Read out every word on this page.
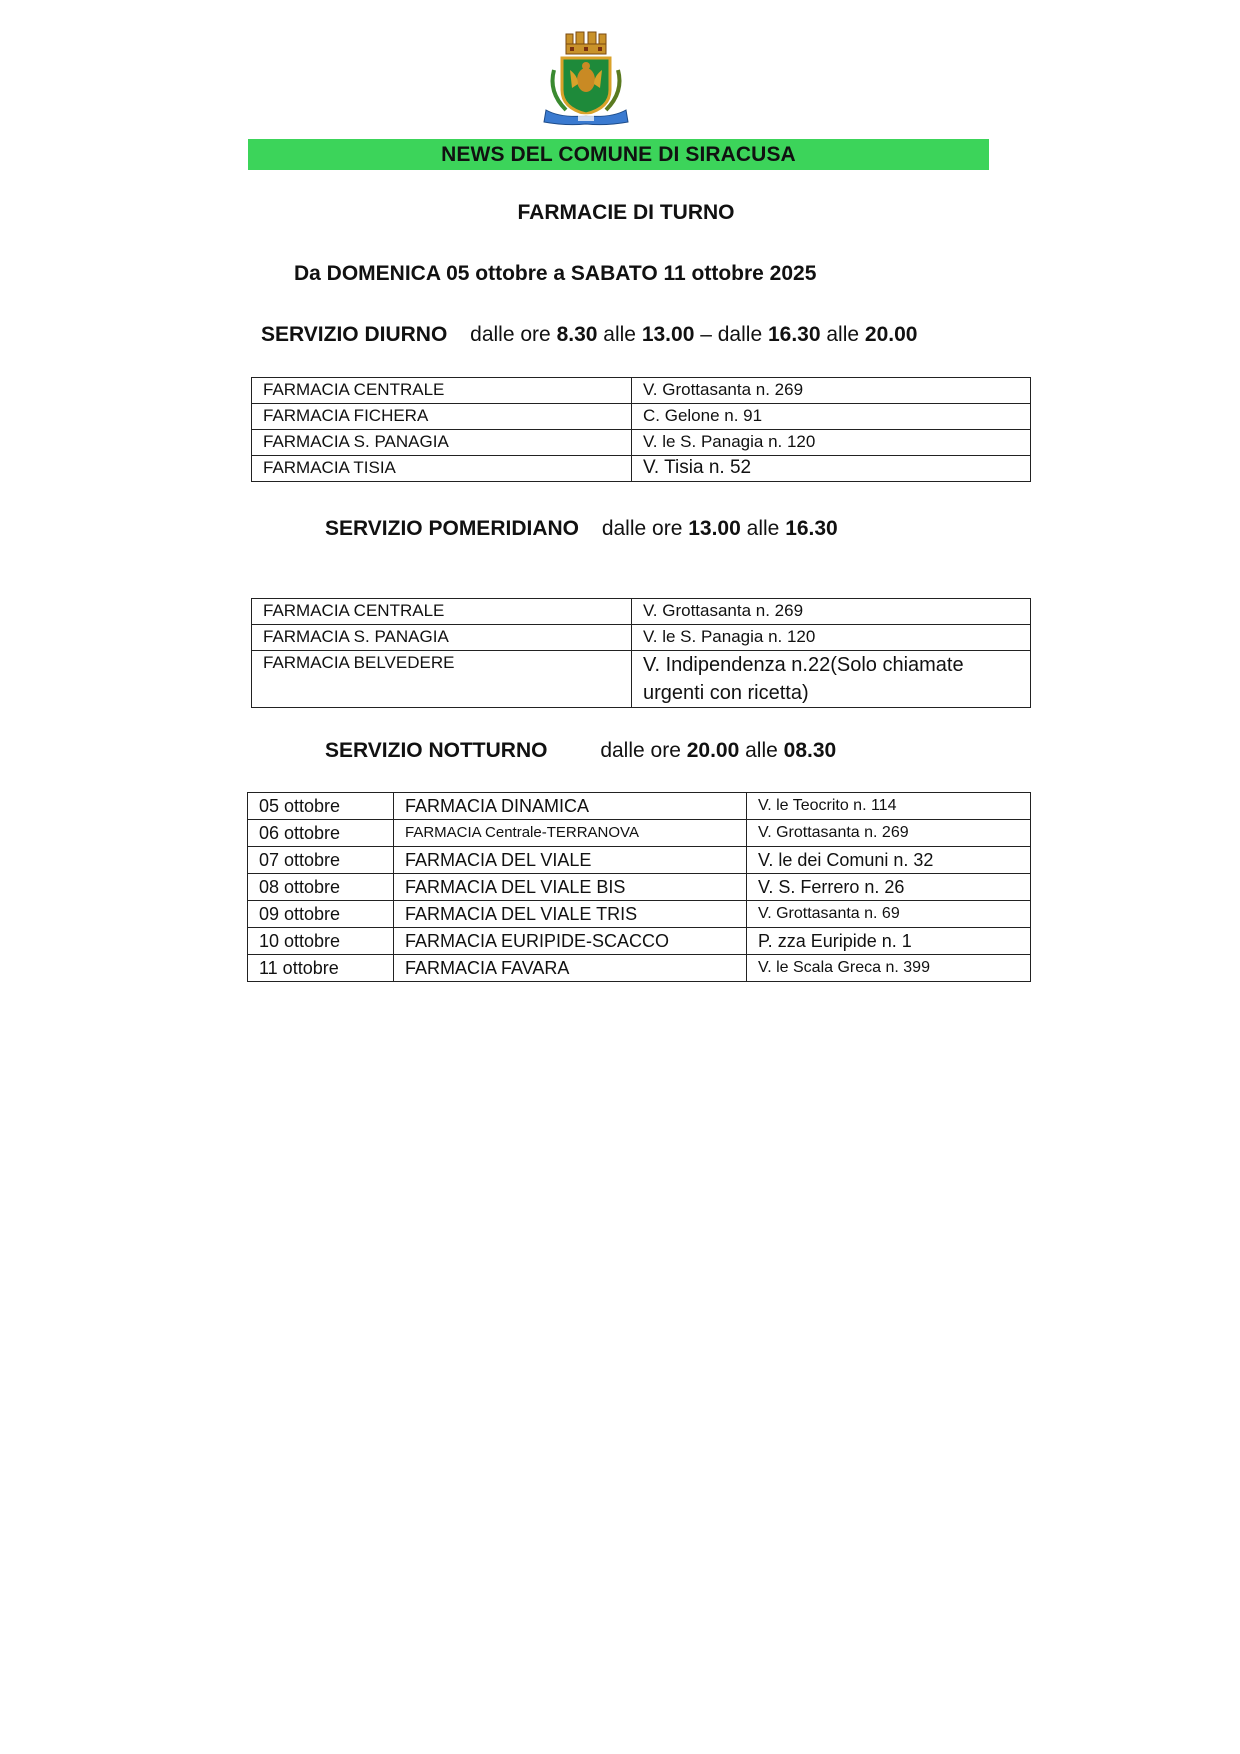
NEWS DEL COMUNE DI SIRACUSA
FARMACIE DI TURNO
Da DOMENICA 05 ottobre a SABATO 11 ottobre 2025
SERVIZIO DIURNO dalle ore 8.30 alle 13.00 – dalle 16.30 alle 20.00
FARMACIA CENTRALE	V. Grottasanta n. 269
FARMACIA FICHERA	C. Gelone n. 91
FARMACIA S. PANAGIA	V. le S. Panagia n. 120
FARMACIA TISIA	V. Tisia n. 52
SERVIZIO POMERIDIANO dalle ore 13.00 alle 16.30
FARMACIA CENTRALE	V. Grottasanta n. 269
FARMACIA S. PANAGIA	V. le S. Panagia n. 120
FARMACIA BELVEDERE	V. Indipendenza n.22(Solo chiamate urgenti con ricetta)
SERVIZIO NOTTURNO	dalle ore 20.00 alle 08.30
05 ottobre	FARMACIA DINAMICA	V. le Teocrito n. 114
06 ottobre	FARMACIA Centrale-TERRANOVA	V. Grottasanta n. 269
07 ottobre	FARMACIA DEL VIALE	V. le dei Comuni n. 32
08 ottobre	FARMACIA DEL VIALE BIS	V. S. Ferrero n. 26
09 ottobre	FARMACIA DEL VIALE TRIS	V. Grottasanta n. 69
10 ottobre	FARMACIA EURIPIDE-SCACCO	P. zza Euripide n. 1
11 ottobre	FARMACIA FAVARA	V. le Scala Greca n. 399
